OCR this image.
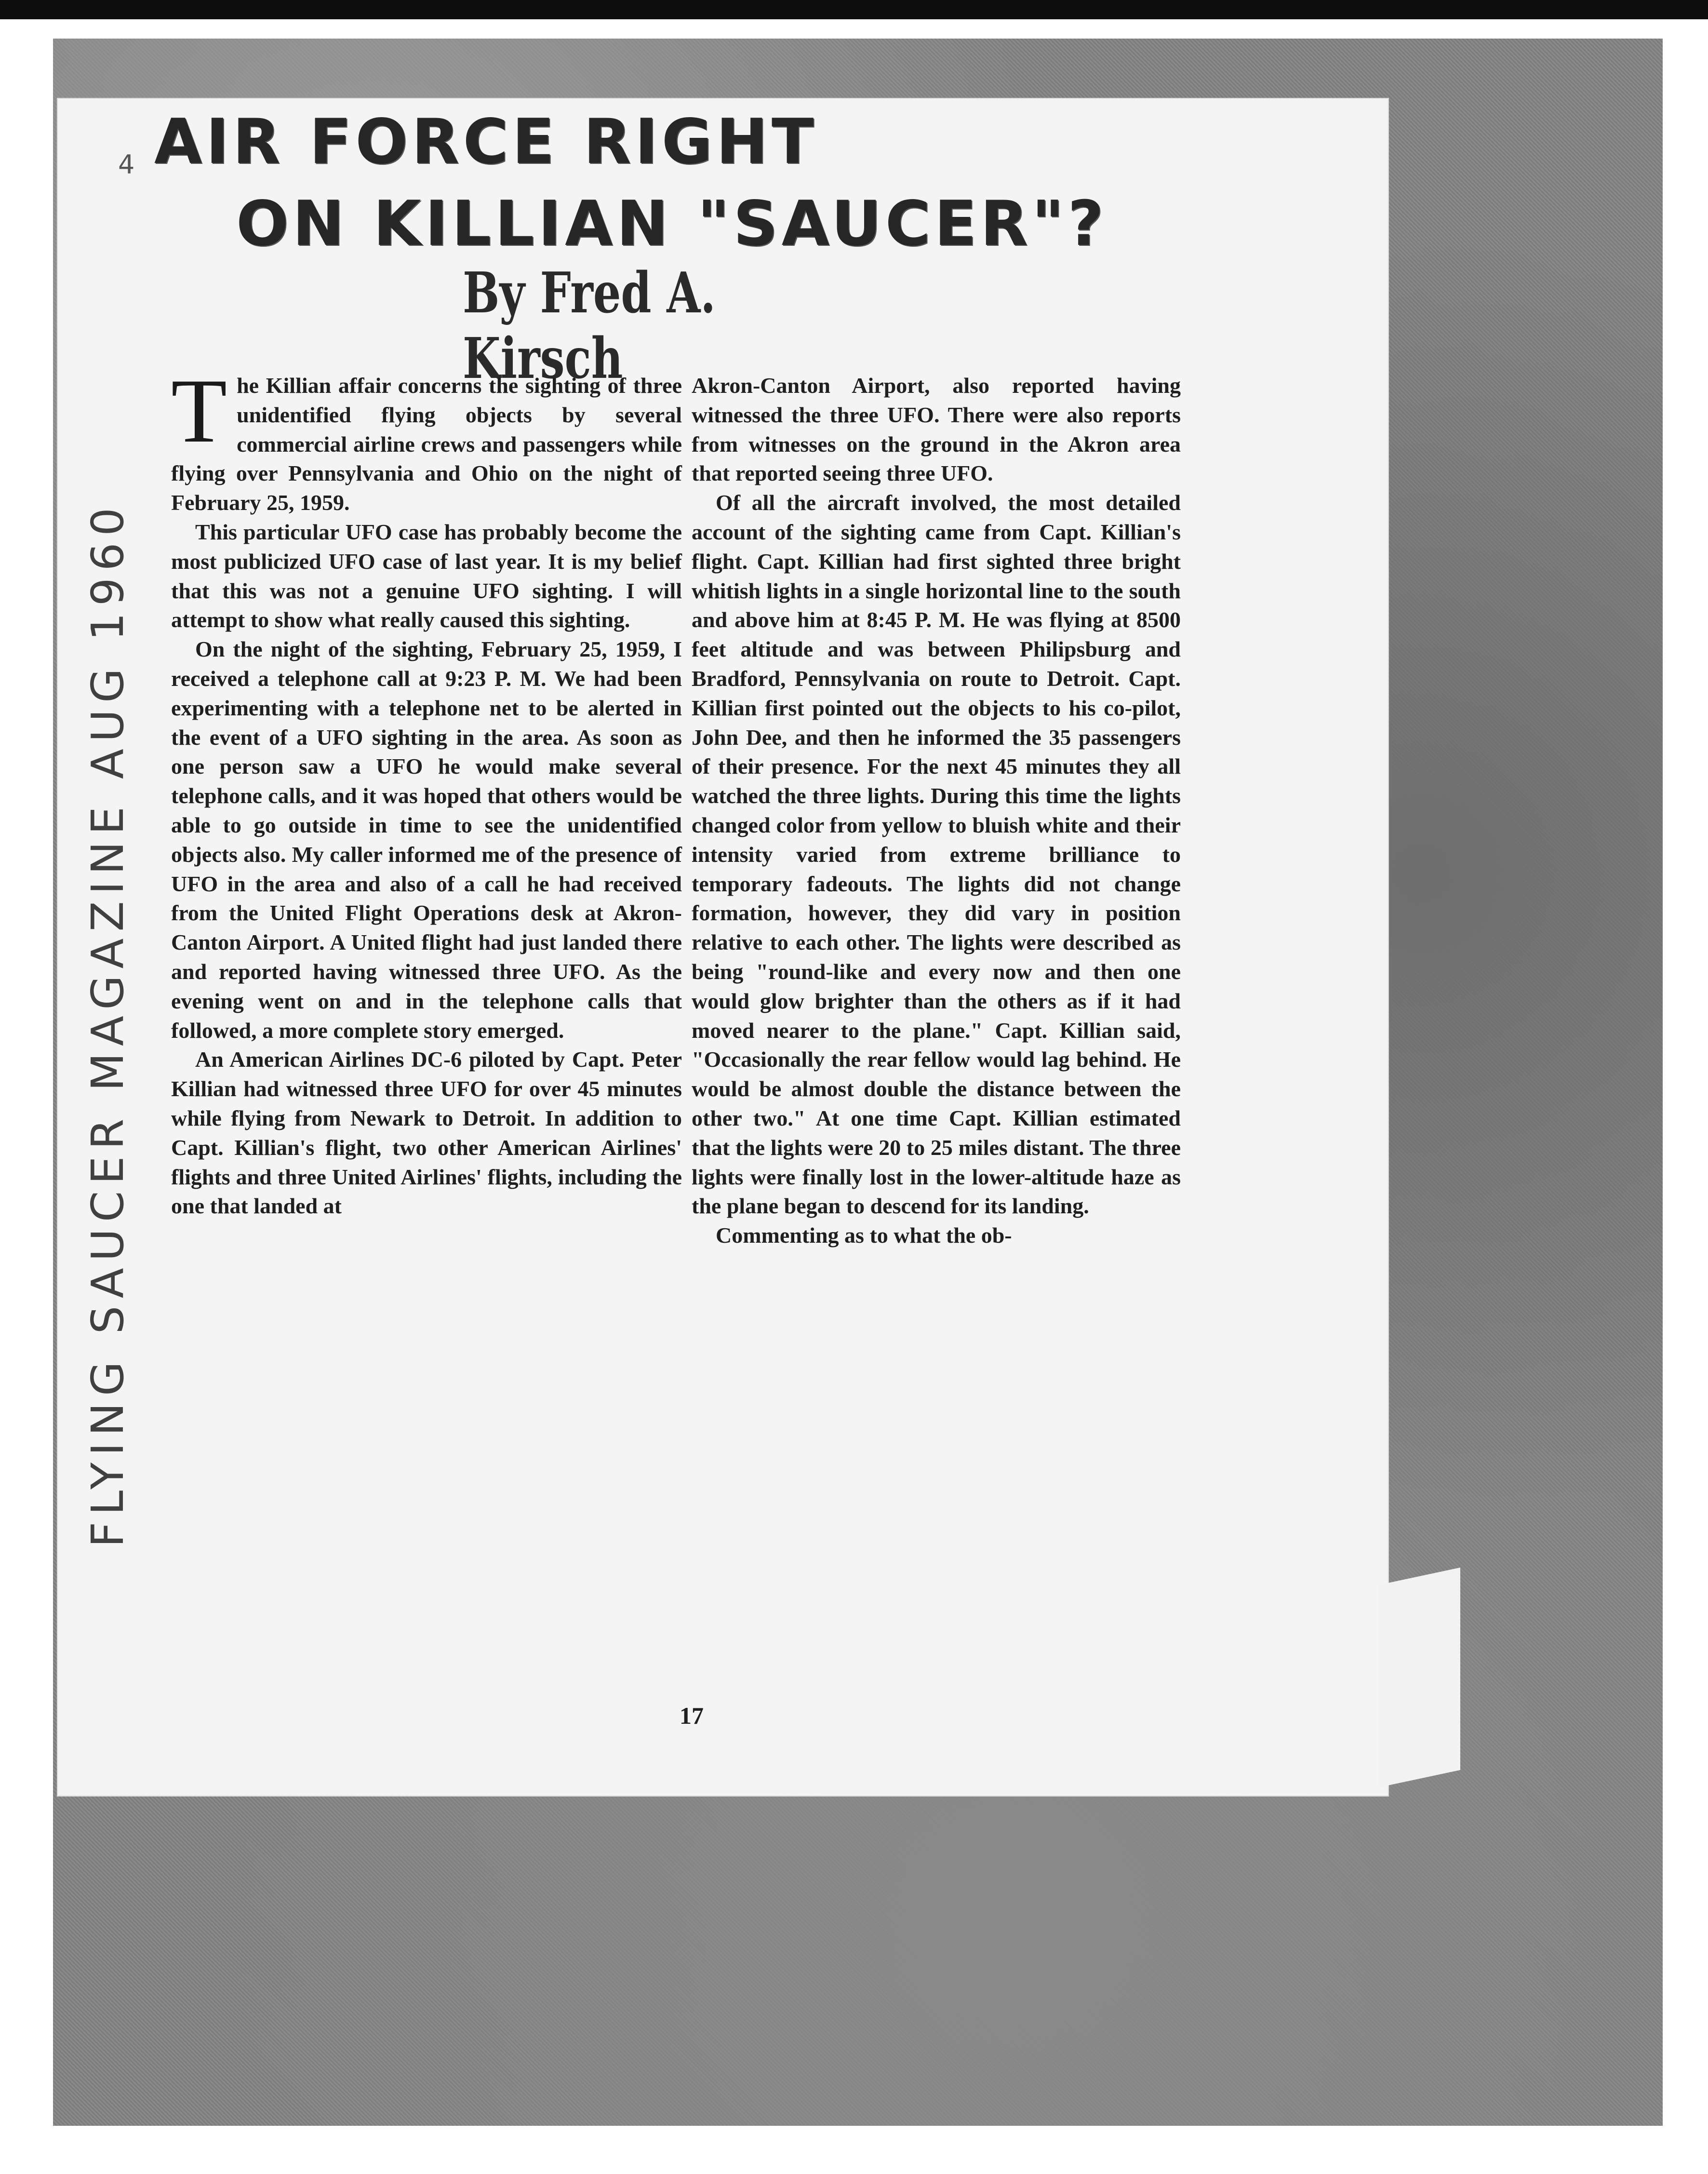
4 AIR FORCE RIGHT
ON KILLIAN "SAUCER"?
By Fred A. Kirsch

The Killian affair concerns the sighting of three unidentified flying objects by several commercial airline crews and passengers while flying over Pennsylvania and Ohio on the night of February 25, 1959.

This particular UFO case has probably become the most publicized UFO case of last year. It is my belief that this was not a genuine UFO sighting. I will attempt to show what really caused this sighting.

On the night of the sighting, February 25, 1959, I received a telephone call at 9:23 P. M. We had been experimenting with a telephone net to be alerted in the event of a UFO sighting in the area. As soon as one person saw a UFO he would make several telephone calls, and it was hoped that others would be able to go outside in time to see the unidentified objects also. My caller informed me of the presence of UFO in the area and also of a call he had received from the United Flight Operations desk at Akron-Canton Airport. A United flight had just landed there and reported having witnessed three UFO. As the evening went on and in the telephone calls that followed, a more complete story emerged.

An American Airlines DC-6 piloted by Capt. Peter Killian had witnessed three UFO for over 45 minutes while flying from Newark to Detroit. In addition to Capt. Killian's flight, two other American Airlines' flights and three United Airlines' flights, including the one that landed at

Akron-Canton Airport, also reported having witnessed the three UFO. There were also reports from witnesses on the ground in the Akron area that reported seeing three UFO.

Of all the aircraft involved, the most detailed account of the sighting came from Capt. Killian's flight. Capt. Killian had first sighted three bright whitish lights in a single horizontal line to the south and above him at 8:45 P. M. He was flying at 8500 feet altitude and was between Philipsburg and Bradford, Pennsylvania on route to Detroit. Capt. Killian first pointed out the objects to his co-pilot, John Dee, and then he informed the 35 passengers of their presence. For the next 45 minutes they all watched the three lights. During this time the lights changed color from yellow to bluish white and their intensity varied from extreme brilliance to temporary fadeouts. The lights did not change formation, however, they did vary in position relative to each other. The lights were described as being "round-like and every now and then one would glow brighter than the others as if it had moved nearer to the plane." Capt. Killian said, "Occasionally the rear fellow would lag behind. He would be almost double the distance between the other two." At one time Capt. Killian estimated that the lights were 20 to 25 miles distant. The three lights were finally lost in the lower-altitude haze as the plane began to descend for its landing.

Commenting as to what the ob-

17
FLYING SAUCER MAGAZINE AUG 1960
